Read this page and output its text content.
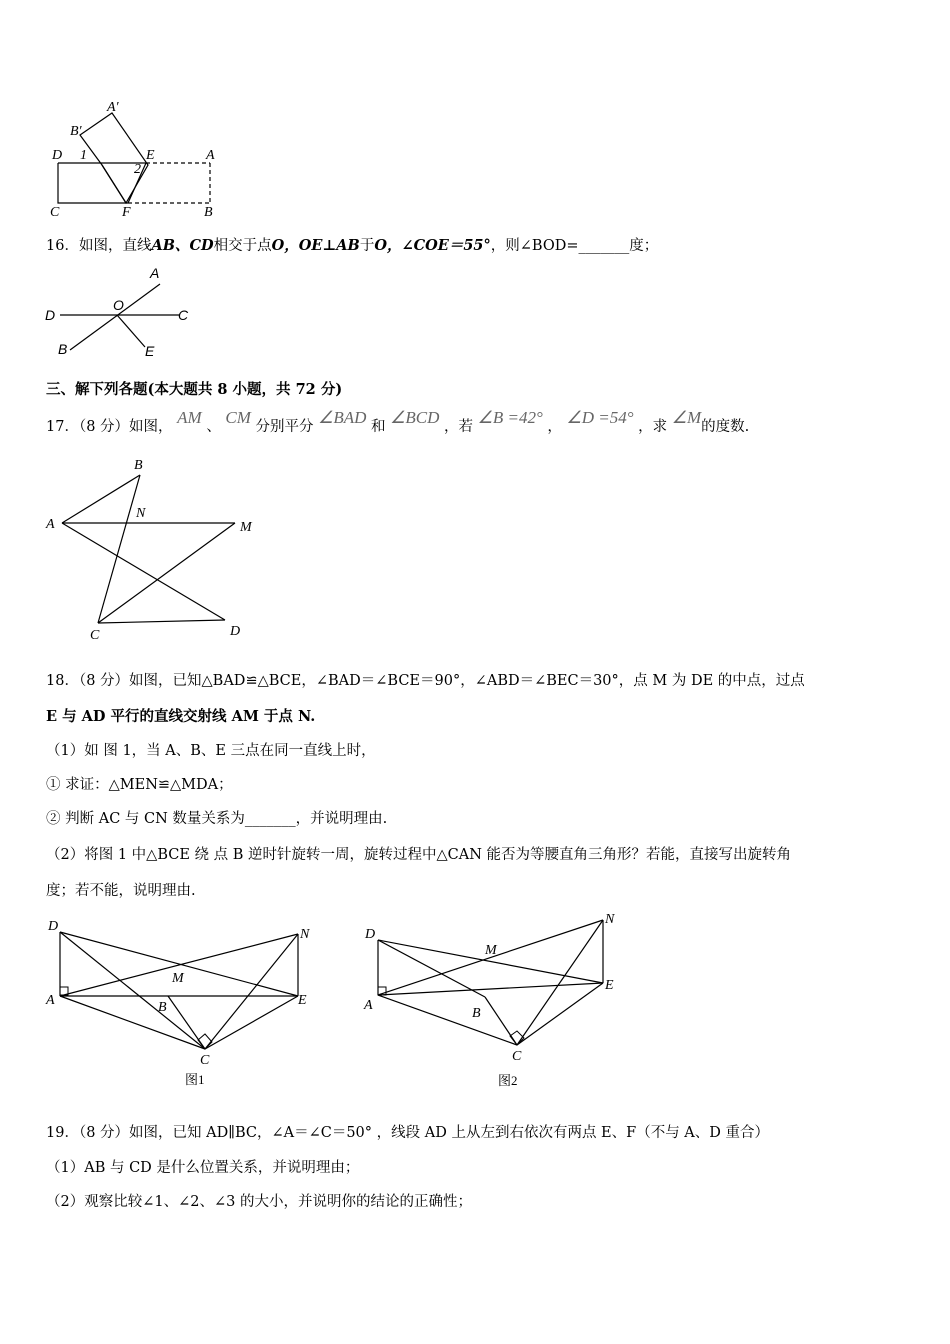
A′
B′
D 1	E	A
2
C	F	B
16．如图，直线AB、CD相交于点O，OE⊥AB于O，∠COE＝55°，则∠BOD=_______度；
A
O
D	C
B	E
三、解下列各题(本大题共 8 小题，共 72 分)
17．（8 分）如图， AM 、 CM 分别平分 ∠BAD 和 ∠BCD ，若 ∠B =42° ， ∠D =54° ，求 ∠M的度数.
B
N
A	M
C	D
18．（8 分）如图，已知△BAD≌△BCE，∠BAD＝∠BCE＝90°，∠ABD＝∠BEC＝30°，点 M 为 DE 的中点，过点
E 与 AD 平行的直线交射线 AM 于点 N.
（1）如 图 1，当 A、B、E 三点在同一直线上时，
① 求证：△MEN≌△MDA；
② 判断 AC 与 CN 数量关系为_______，并说明理由.
（2）将图 1 中△BCE 绕 点 B 逆时针旋转一周，旋转过程中△CAN 能否为等腰直角三角形？若能，直接写出旋转角
度；若不能，说明理由.
D
N
M
A	B	E
C
图1
D
N
M
A
B
E
C
图2
19．（8 分）如图，已知 AD∥BC，∠A＝∠C＝50° ，线段 AD 上从左到右依次有两点 E、F（不与 A、D 重合）
（1）AB 与 CD 是什么位置关系，并说明理由；
（2）观察比较∠1、∠2、∠3 的大小，并说明你的结论的正确性；
